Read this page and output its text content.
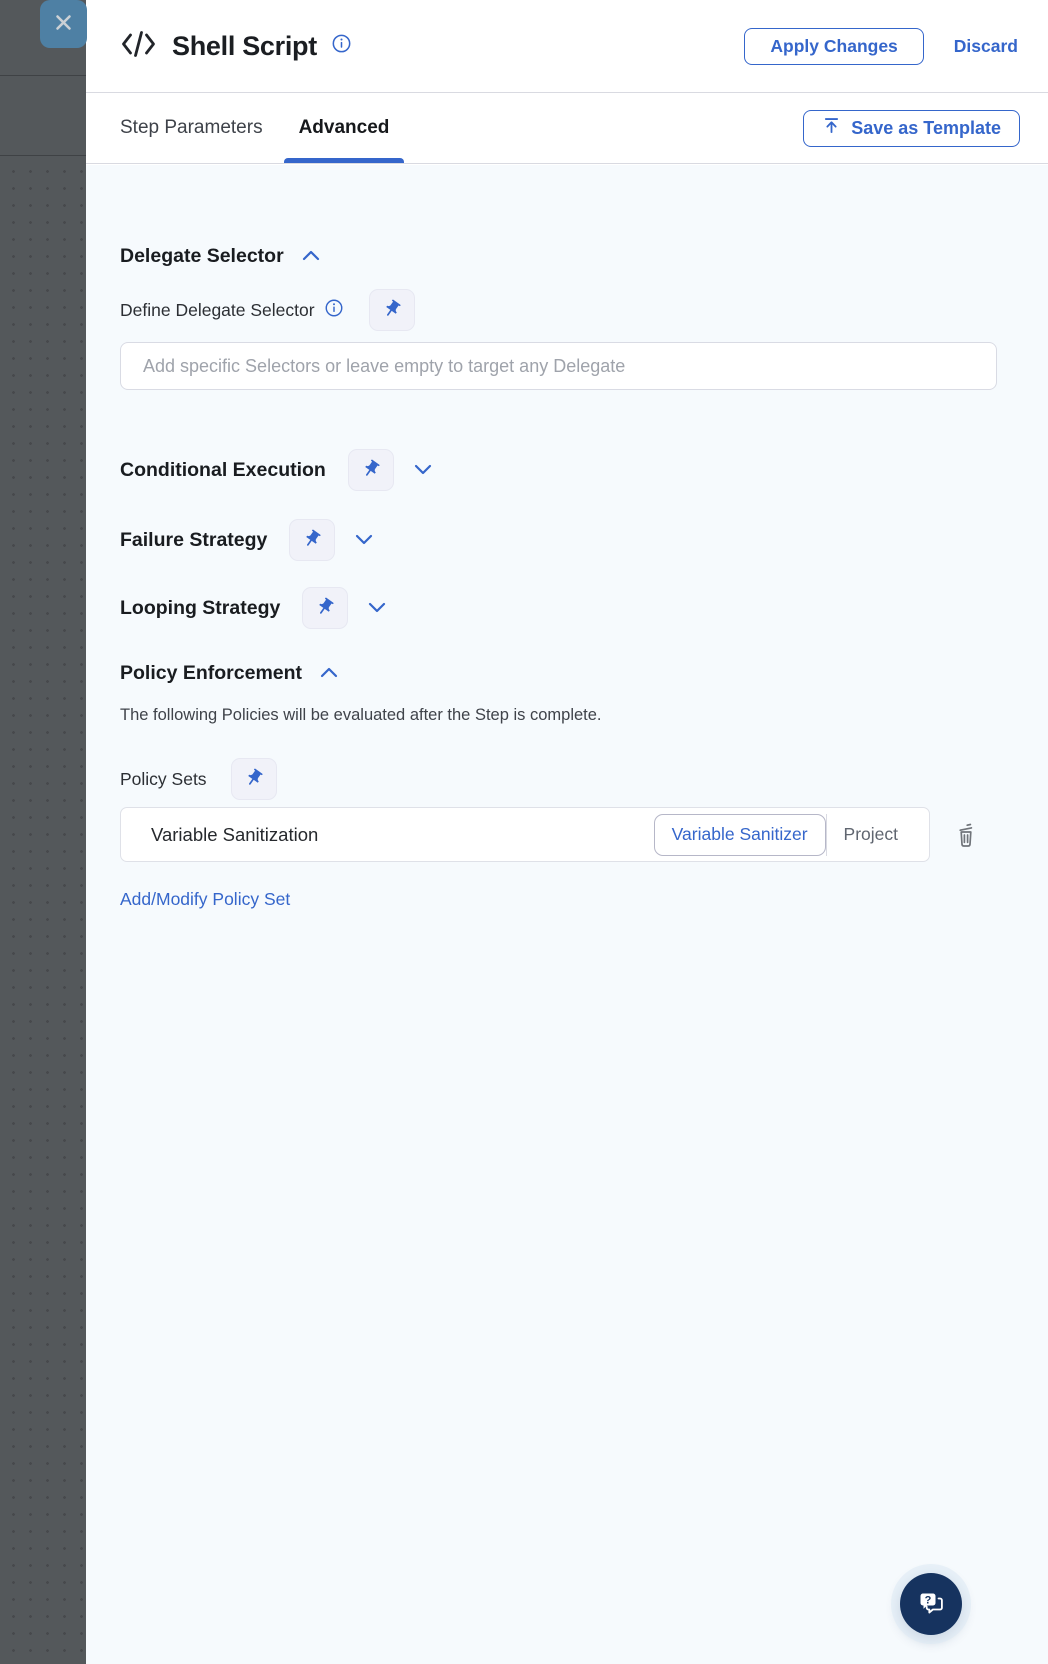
Shell Script	Apply Changes	Discard
Step Parameters	Advanced	Save as Template
Delegate Selector
Define Delegate Selector
Add specific Selectors or leave empty to target any Delegate
Conditional Execution
Failure Strategy
Looping Strategy
Policy Enforcement

The following Policies will be evaluated after the Step is complete.

Policy Sets
Variable Sanitization	Variable Sanitizer	Project
Add/Modify Policy Set
?
